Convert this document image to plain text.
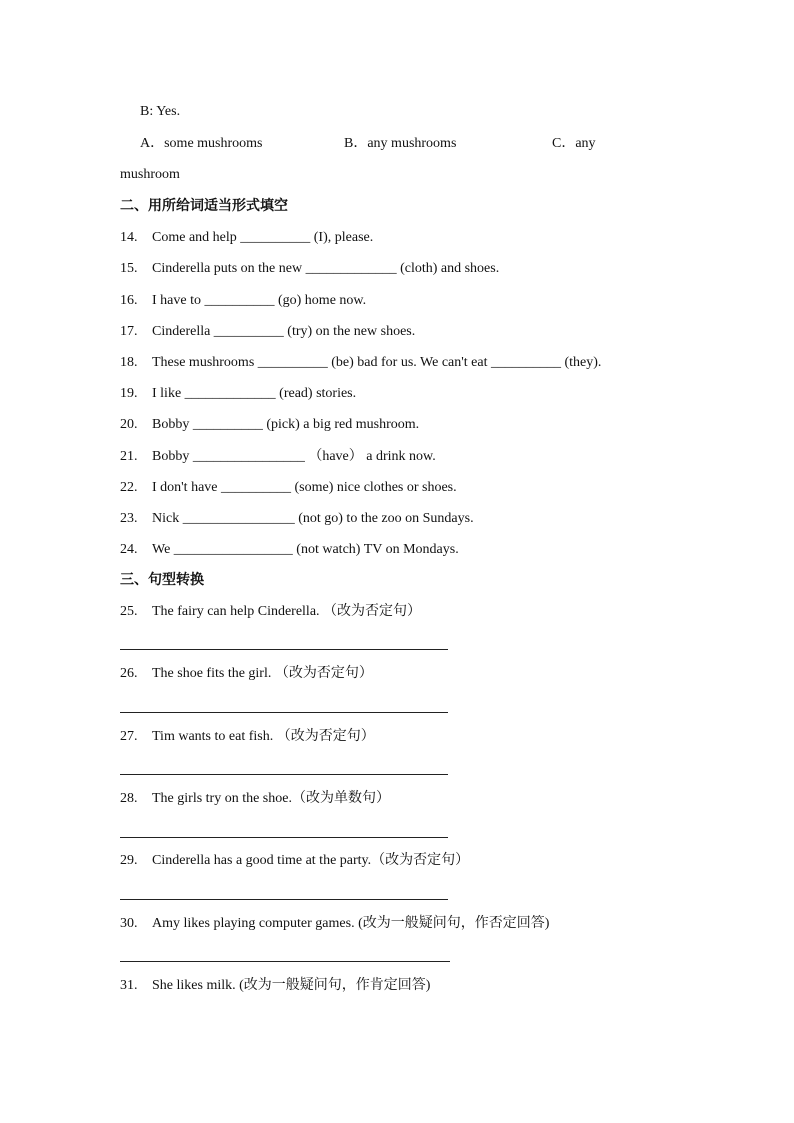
B: Yes.
A．some mushrooms	B．any mushrooms	C．any
mushroom
二、用所给词适当形式填空
14. Come and help __________ (I), please.
15. Cinderella puts on the new _____________ (cloth) and shoes.
16. I have to __________ (go) home now.
17. Cinderella __________ (try) on the new shoes.
18. These mushrooms __________ (be) bad for us. We can't eat __________ (they).
19. I like _____________ (read) stories.
20. Bobby __________ (pick) a big red mushroom.
21. Bobby ________________ （have） a drink now.
22. I don't have __________ (some) nice clothes or shoes.
23. Nick ________________ (not go) to the zoo on Sundays.
24. We _________________ (not watch) TV on Mondays.
三、句型转换
25. The fairy can help Cinderella. （改为否定句）
26. The shoe fits the girl. （改为否定句）
27. Tim wants to eat fish. （改为否定句）
28. The girls try on the shoe.（改为单数句）
29. Cinderella has a good time at the party.（改为否定句）
30. Amy likes playing computer games. (改为一般疑问句，作否定回答)
31. She likes milk. (改为一般疑问句，作肯定回答)
